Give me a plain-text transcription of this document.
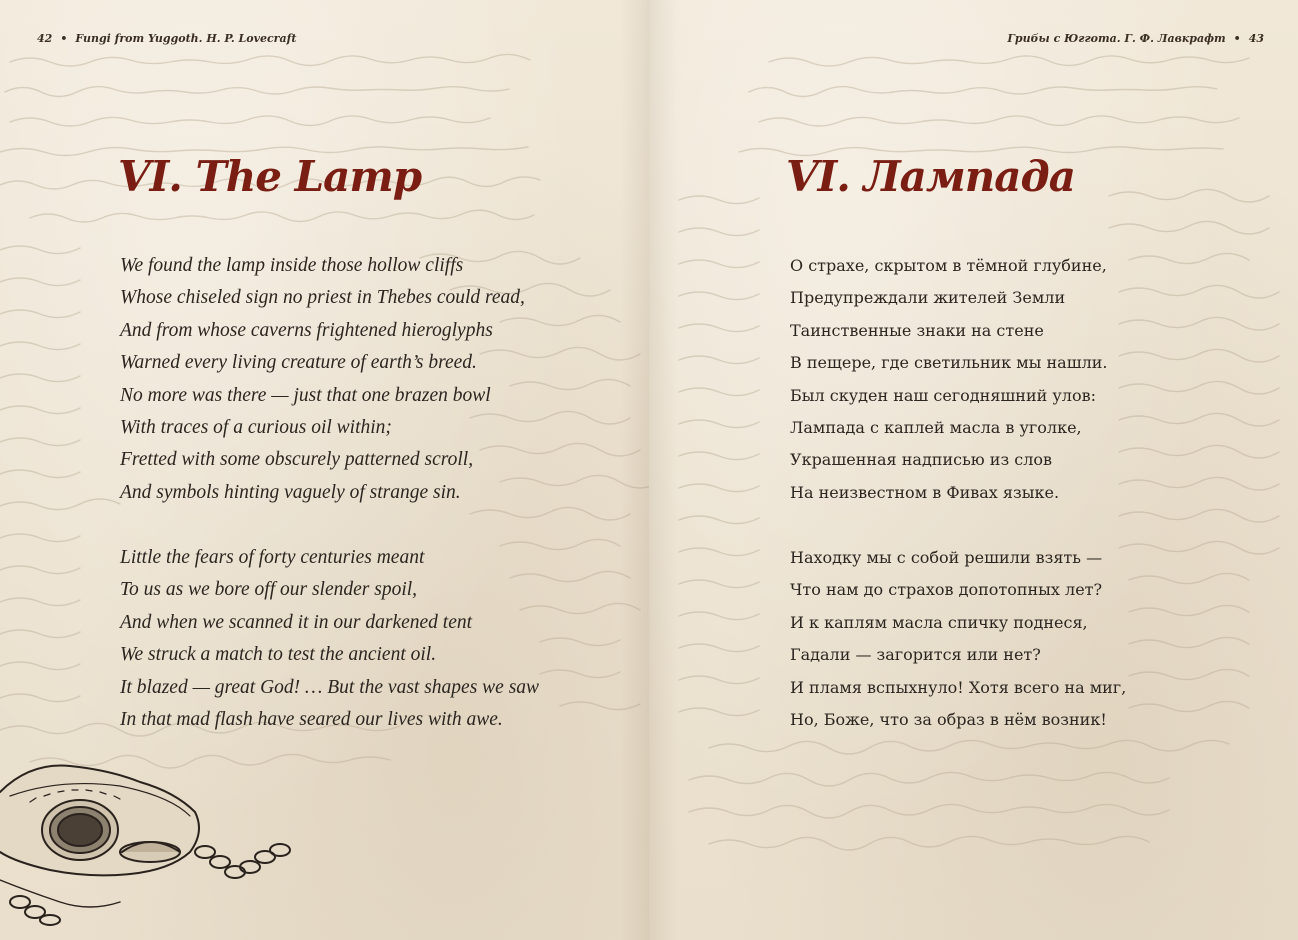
42 • Fungi from Yuggoth. H. P. Lovecraft
VI. The Lamp
We found the lamp inside those hollow cliffs
Whose chiseled sign no priest in Thebes could read,
And from whose caverns frightened hieroglyphs
Warned every living creature of earth’s breed.
No more was there — just that one brazen bowl
With traces of a curious oil within;
Fretted with some obscurely patterned scroll,
And symbols hinting vaguely of strange sin.
Little the fears of forty centuries meant
To us as we bore off our slender spoil,
And when we scanned it in our darkened tent
We struck a match to test the ancient oil.
It blazed — great God! … But the vast shapes we saw
In that mad flash have seared our lives with awe.
Грибы с Юггота. Г. Ф. Лавкрафт • 43
VI. Лампада
О страхе, скрытом в тёмной глубине,
Предупреждали жителей Земли
Таинственные знаки на стене
В пещере, где светильник мы нашли.
Был скуден наш сегодняшний улов:
Лампада с каплей масла в уголке,
Украшенная надписью из слов
На неизвестном в Фивах языке.
Находку мы с собой решили взять —
Что нам до страхов допотопных лет?
И к каплям масла спичку поднеся,
Гадали — загорится или нет?
И пламя вспыхнуло! Хотя всего на миг,
Но, Боже, что за образ в нём возник!
